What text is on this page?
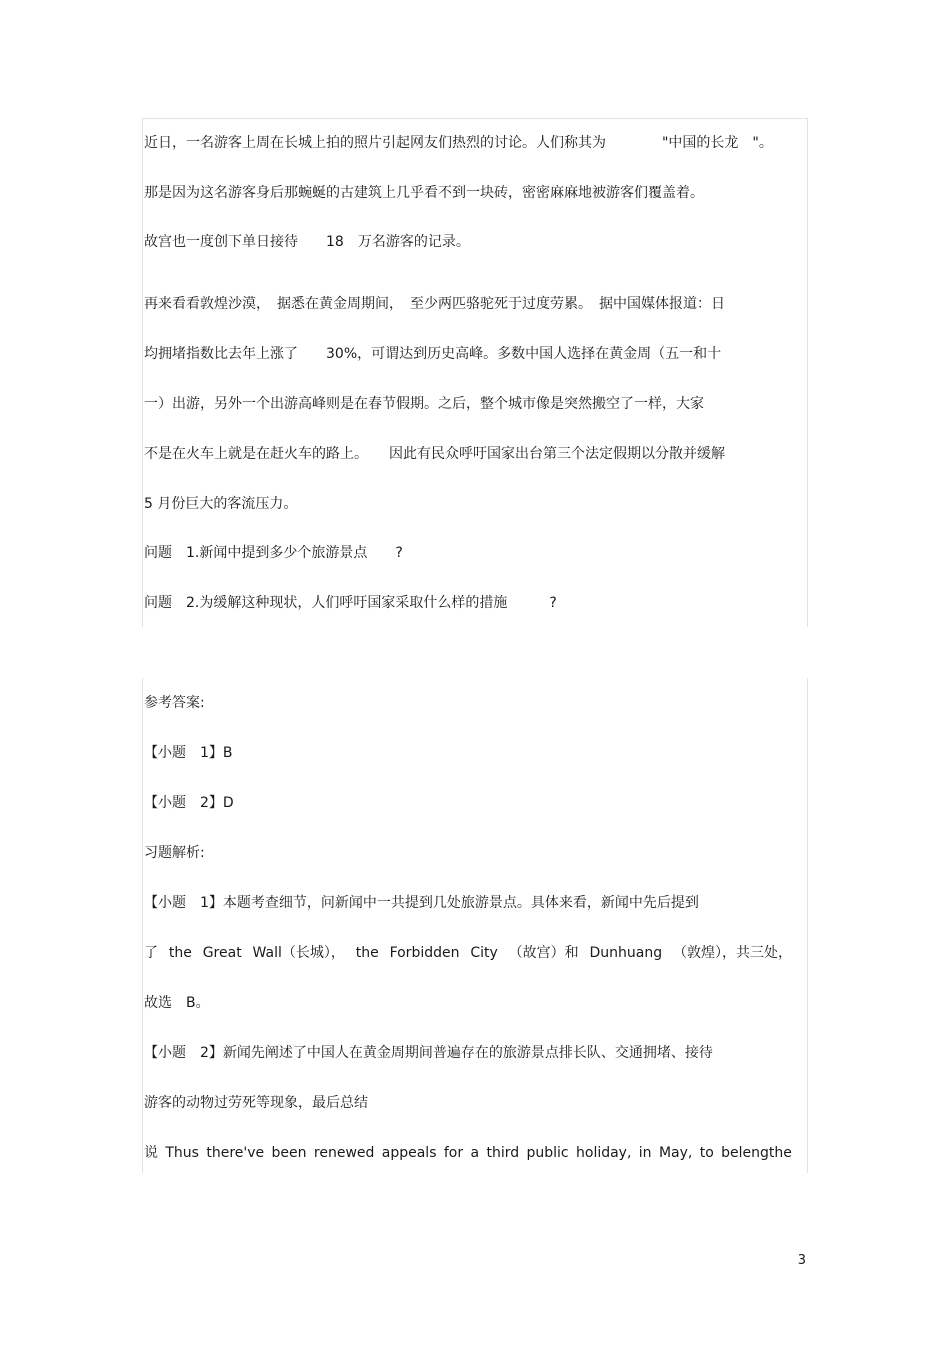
近日，一名游客上周在长城上拍的照片引起网友们热烈的讨论。人们称其为　　　　"中国的长龙　"。
那是因为这名游客身后那蜿蜒的古建筑上几乎看不到一块砖，密密麻麻地被游客们覆盖着。
故宫也一度创下单日接待　　18　万名游客的记录。
再来看看敦煌沙漠，　据悉在黄金周期间，　至少两匹骆驼死于过度劳累。　据中国媒体报道：日
均拥堵指数比去年上涨了　　30%，可谓达到历史高峰。多数中国人选择在黄金周（五一和十
一）出游，另外一个出游高峰则是在春节假期。之后，整个城市像是突然搬空了一样，大家
不是在火车上就是在赶火车的路上。　　因此有民众呼吁国家出台第三个法定假期以分散并缓解
5 月份巨大的客流压力。
问题　1.新闻中提到多少个旅游景点　　?
问题　2.为缓解这种现状，人们呼吁国家采取什么样的措施　　　?
参考答案:
【小题　1】B
【小题　2】D
习题解析:
【小题　1】本题考查细节，问新闻中一共提到几处旅游景点。具体来看，新闻中先后提到
了 the Great Wall（长城）， the Forbidden City （故宫）和 Dunhuang （敦煌），共三处，
故选　B。
【小题　2】新闻先阐述了中国人在黄金周期间普遍存在的旅游景点排长队、交通拥堵、接待
游客的动物过劳死等现象，最后总结
说 Thus there've been renewed appeals for a third public holiday, in May, to belengthe
3
